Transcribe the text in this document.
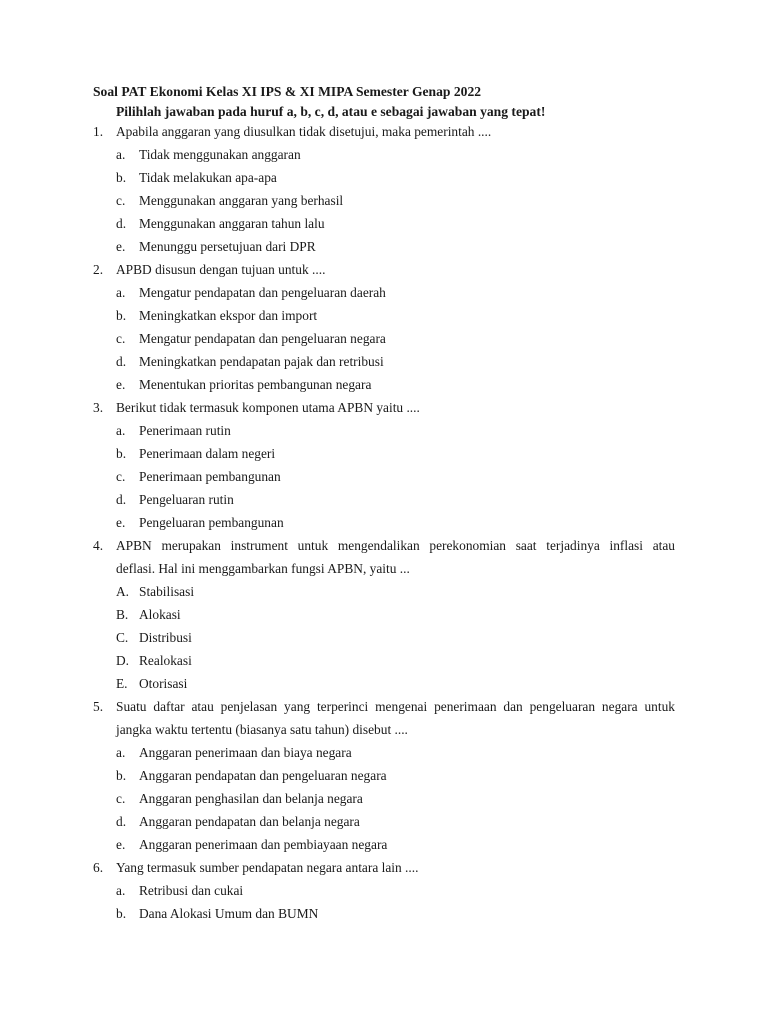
Soal PAT Ekonomi Kelas XI IPS & XI MIPA Semester Genap 2022
Pilihlah jawaban pada huruf a, b, c, d, atau e sebagai jawaban yang tepat!
1. Apabila anggaran yang diusulkan tidak disetujui, maka pemerintah ....
a. Tidak menggunakan anggaran
b. Tidak melakukan apa-apa
c. Menggunakan anggaran yang berhasil
d. Menggunakan anggaran tahun lalu
e. Menunggu persetujuan dari DPR
2. APBD disusun dengan tujuan untuk ....
a. Mengatur pendapatan dan pengeluaran daerah
b. Meningkatkan ekspor dan import
c. Mengatur pendapatan dan pengeluaran negara
d. Meningkatkan pendapatan pajak dan retribusi
e. Menentukan prioritas pembangunan negara
3. Berikut tidak termasuk komponen utama APBN yaitu ....
a. Penerimaan rutin
b. Penerimaan dalam negeri
c. Penerimaan pembangunan
d. Pengeluaran rutin
e. Pengeluaran pembangunan
4. APBN merupakan instrument untuk mengendalikan perekonomian saat terjadinya inflasi atau
deflasi. Hal ini menggambarkan fungsi APBN, yaitu ...
A. Stabilisasi
B. Alokasi
C. Distribusi
D. Realokasi
E. Otorisasi
5. Suatu daftar atau penjelasan yang terperinci mengenai penerimaan dan pengeluaran negara untuk
jangka waktu tertentu (biasanya satu tahun) disebut ....
a. Anggaran penerimaan dan biaya negara
b. Anggaran pendapatan dan pengeluaran negara
c. Anggaran penghasilan dan belanja negara
d. Anggaran pendapatan dan belanja negara
e. Anggaran penerimaan dan pembiayaan negara
6. Yang termasuk sumber pendapatan negara antara lain ....
a. Retribusi dan cukai
b. Dana Alokasi Umum dan BUMN
